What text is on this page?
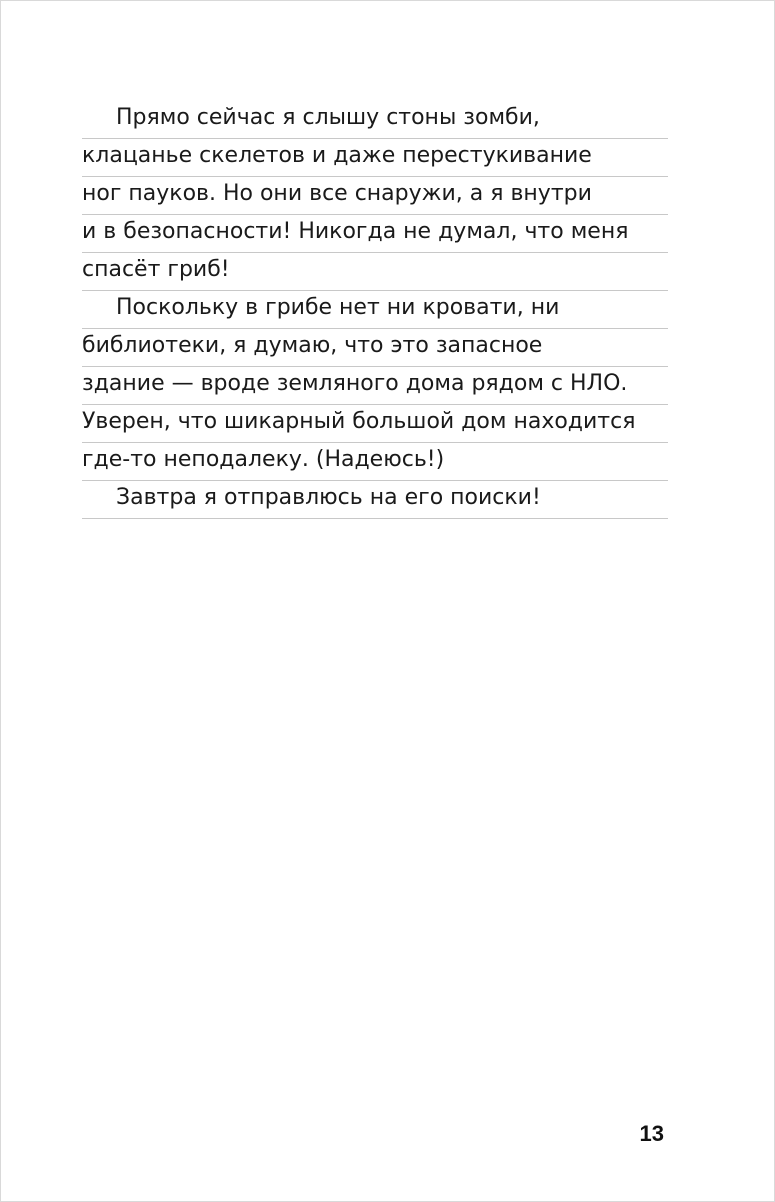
Прямо сейчас я слышу стоны зомби,
клацанье скелетов и даже перестукивание
ног пауков. Но они все снаружи, а я внутри
и в безопасности! Никогда не думал, что меня
спасёт гриб!
Поскольку в грибе нет ни кровати, ни
библиотеки, я думаю, что это запасное
здание — вроде земляного дома рядом с НЛО.
Уверен, что шикарный большой дом находится
где-то неподалеку. (Надеюсь!)
Завтра я отправлюсь на его поиски!
13
